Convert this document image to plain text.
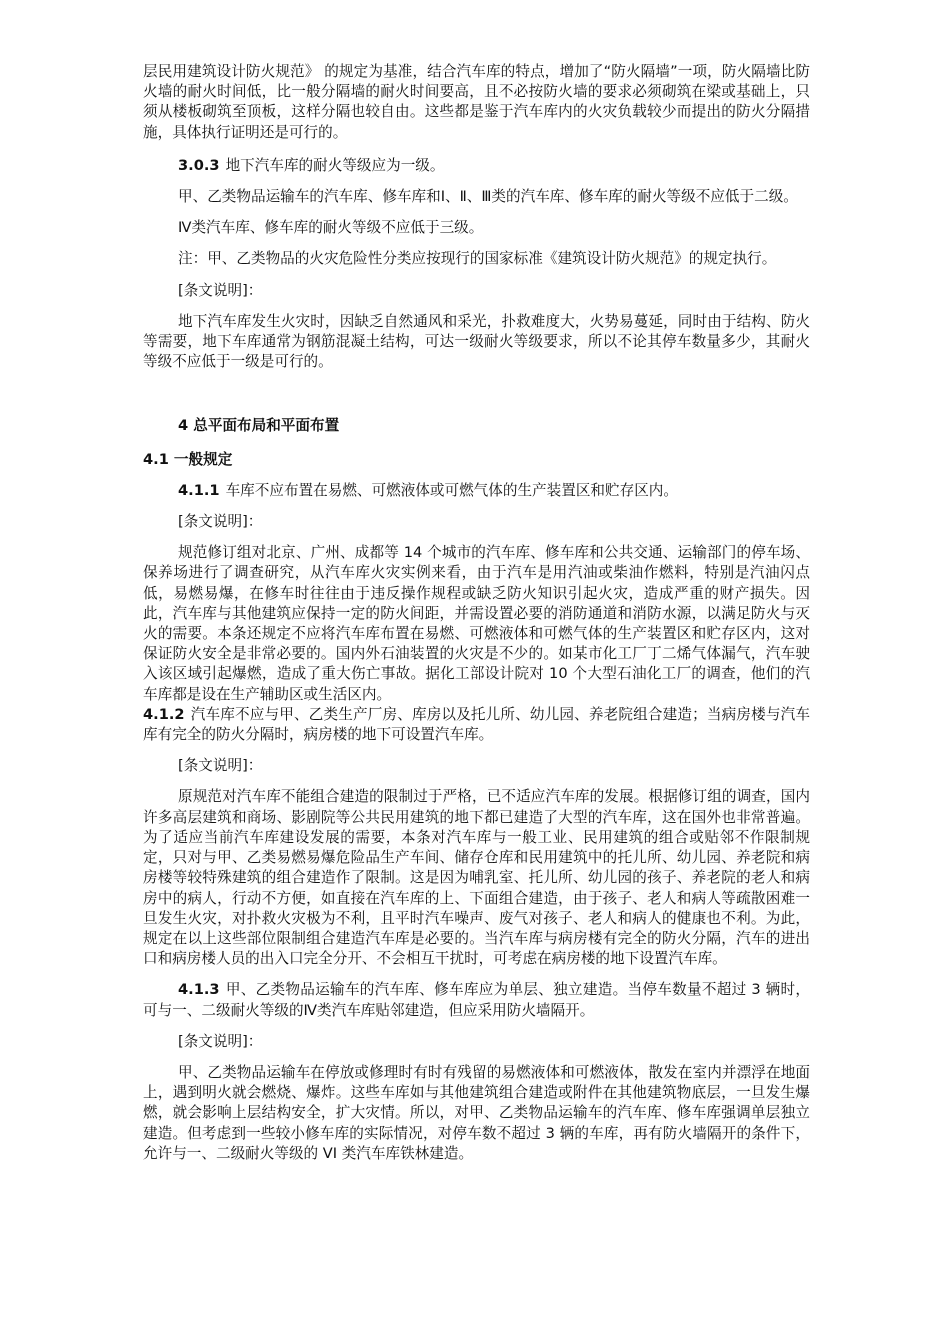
层民用建筑设计防火规范》 的规定为基准，结合汽车库的特点，增加了“防火隔墙”一项，防火隔墙比防火墙的耐火时间低，比一般分隔墙的耐火时间要高，且不必按防火墙的要求必须砌筑在梁或基础上，只须从楼板砌筑至顶板，这样分隔也较自由。这些都是鉴于汽车库内的火灾负载较少而提出的防火分隔措施，具体执行证明还是可行的。

3.0.3 地下汽车库的耐火等级应为一级。

甲、乙类物品运输车的汽车库、修车库和Ⅰ、Ⅱ、Ⅲ类的汽车库、修车库的耐火等级不应低于二级。

Ⅳ类汽车库、修车库的耐火等级不应低于三级。

注：甲、乙类物品的火灾危险性分类应按现行的国家标准《建筑设计防火规范》的规定执行。

[条文说明]：

地下汽车库发生火灾时，因缺乏自然通风和采光，扑救难度大，火势易蔓延，同时由于结构、防火等需要，地下车库通常为钢筋混凝土结构，可达一级耐火等级要求，所以不论其停车数量多少，其耐火等级不应低于一级是可行的。

4 总平面布局和平面布置

4.1 一般规定

4.1.1 车库不应布置在易燃、可燃液体或可燃气体的生产装置区和贮存区内。

[条文说明]：

规范修订组对北京、广州、成都等 14 个城市的汽车库、修车库和公共交通、运输部门的停车场、保养场进行了调查研究，从汽车库火灾实例来看，由于汽车是用汽油或柴油作燃料，特别是汽油闪点低，易燃易爆，在修车时往往由于违反操作规程或缺乏防火知识引起火灾，造成严重的财产损失。因此，汽车库与其他建筑应保持一定的防火间距，并需设置必要的消防通道和消防水源，以满足防火与灭火的需要。本条还规定不应将汽车库布置在易燃、可燃液体和可燃气体的生产装置区和贮存区内，这对保证防火安全是非常必要的。国内外石油装置的火灾是不少的。如某市化工厂丁二烯气体漏气，汽车驶入该区域引起爆燃，造成了重大伤亡事故。据化工部设计院对 10 个大型石油化工厂的调查，他们的汽车库都是设在生产辅助区或生活区内。

4.1.2 汽车库不应与甲、乙类生产厂房、库房以及托儿所、幼儿园、养老院组合建造；当病房楼与汽车库有完全的防火分隔时，病房楼的地下可设置汽车库。

[条文说明]：

原规范对汽车库不能组合建造的限制过于严格，已不适应汽车库的发展。根据修订组的调查，国内许多高层建筑和商场、影剧院等公共民用建筑的地下都已建造了大型的汽车库，这在国外也非常普遍。为了适应当前汽车库建设发展的需要，本条对汽车库与一般工业、民用建筑的组合或贴邻不作限制规定，只对与甲、乙类易燃易爆危险品生产车间、储存仓库和民用建筑中的托儿所、幼儿园、养老院和病房楼等较特殊建筑的组合建造作了限制。这是因为哺乳室、托儿所、幼儿园的孩子、养老院的老人和病房中的病人，行动不方便，如直接在汽车库的上、下面组合建造，由于孩子、老人和病人等疏散困难一旦发生火灾，对扑救火灾极为不利，且平时汽车噪声、废气对孩子、老人和病人的健康也不利。为此，规定在以上这些部位限制组合建造汽车库是必要的。当汽车库与病房楼有完全的防火分隔，汽车的进出口和病房楼人员的出入口完全分开、不会相互干扰时，可考虑在病房楼的地下设置汽车库。

4.1.3 甲、乙类物品运输车的汽车库、修车库应为单层、独立建造。当停车数量不超过 3 辆时，可与一、二级耐火等级的Ⅳ类汽车库贴邻建造，但应采用防火墙隔开。

[条文说明]：

甲、乙类物品运输车在停放或修理时有时有残留的易燃液体和可燃液体，散发在室内并漂浮在地面上，遇到明火就会燃烧、爆炸。这些车库如与其他建筑组合建造或附件在其他建筑物底层，一旦发生爆燃，就会影响上层结构安全，扩大灾情。所以，对甲、乙类物品运输车的汽车库、修车库强调单层独立建造。但考虑到一些较小修车库的实际情况，对停车数不超过 3 辆的车库，再有防火墙隔开的条件下，允许与一、二级耐火等级的 VI 类汽车库铁林建造。
